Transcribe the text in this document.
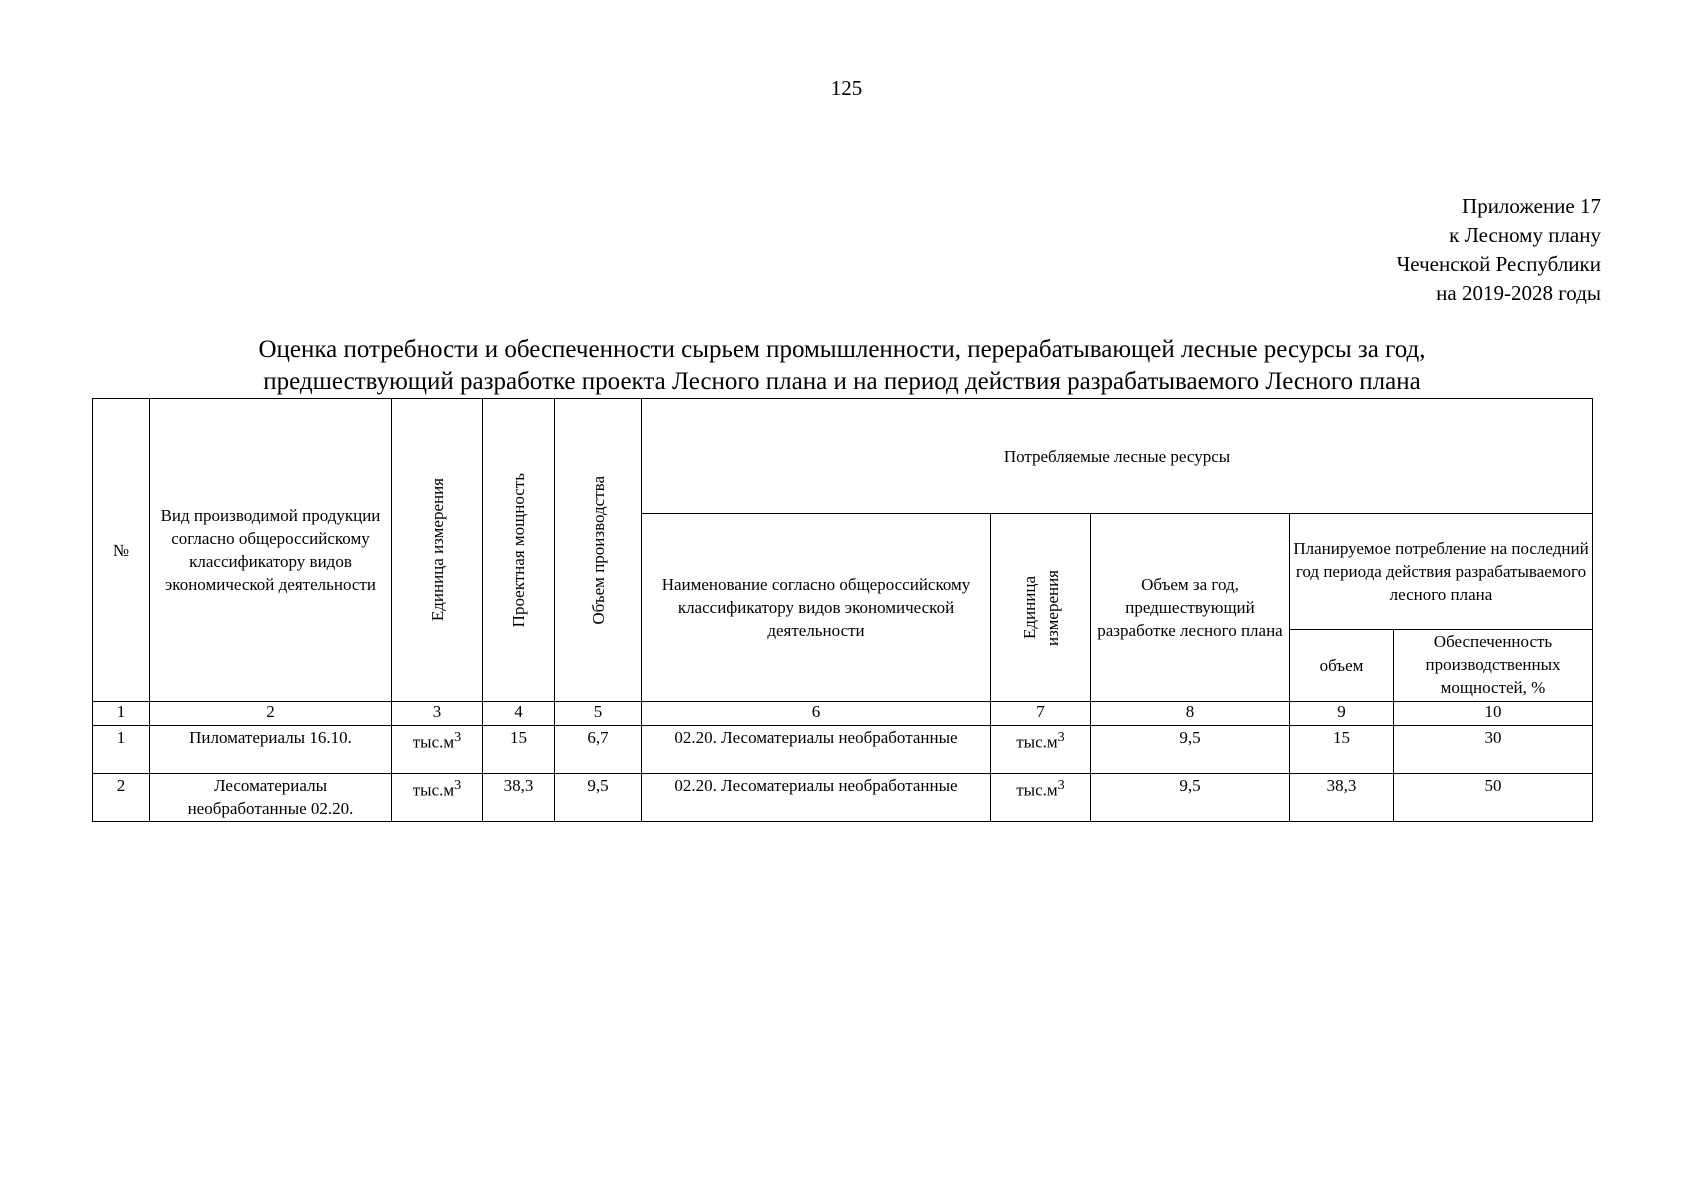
125
Приложение 17
к Лесному плану
Чеченской Республики
на 2019-2028 годы
Оценка потребности и обеспеченности сырьем промышленности, перерабатывающей лесные ресурсы за год,
предшествующий разработке проекта Лесного плана и на период действия разрабатываемого Лесного плана
№	Вид производимой продукции согласно общероссийскому классификатору видов экономической деятельности	Единица измерения	Проектная мощность	Объем производства	Потребляемые лесные ресурсы				
					Наименование согласно общероссийскому классификатору видов экономической деятельности	Единица измерения	Объем за год, предшествующий разработке лесного плана	Планируемое потребление на последний год периода действия разрабатываемого лесного плана	
								объем	Обеспеченность производственных мощностей, %
1	2	3	4	5	6	7	8	9	10
1	Пиломатериалы 16.10.	$тыс.м^3$	15	6,7	02.20. Лесоматериалы необработанные	$тыс.м^3$	9,5	15	30
2	Лесоматериалы необработанные 02.20.	$тыс.м^3$	38,3	9,5	02.20. Лесоматериалы необработанные	$тыс.м^3$	9,5	38,3	50
